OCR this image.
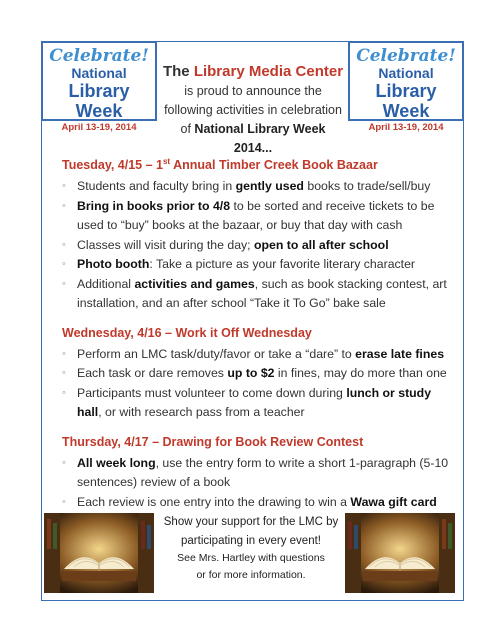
Celebrate!
National
Library Week
April 13-19, 2014
Celebrate!
National
Library Week
April 13-19, 2014
The Library Media Center
is proud to announce the
following activities in celebration
of National Library Week 2014...
Tuesday, 4/15 – 1st Annual Timber Creek Book Bazaar
◦ Students and faculty bring in gently used books to trade/sell/buy
◦ Bring in books prior to 4/8 to be sorted and receive tickets to be used to “buy” books at the bazaar, or buy that day with cash
◦ Classes will visit during the day; open to all after school
◦ Photo booth: Take a picture as your favorite literary character
◦ Additional activities and games, such as book stacking contest, art installation, and an after school “Take it To Go” bake sale
Wednesday, 4/16 – Work it Off Wednesday
◦ Perform an LMC task/duty/favor or take a “dare” to erase late fines
◦ Each task or dare removes up to $2 in fines, may do more than one
◦ Participants must volunteer to come down during lunch or study hall, or with research pass from a teacher
Thursday, 4/17 – Drawing for Book Review Contest
◦ All week long, use the entry form to write a short 1-paragraph (5-10 sentences) review of a book
◦ Each review is one entry into the drawing to win a Wawa gift card
Show your support for the LMC by
participating in every event!
See Mrs. Hartley with questions
or for more information.
